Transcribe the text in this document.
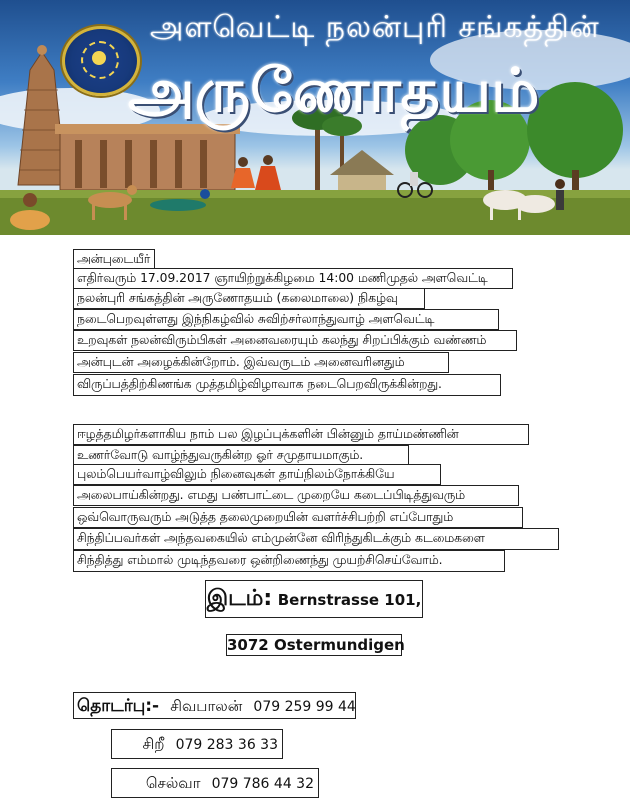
அளவெட்டி நலன்புரி சங்கத்தின்
அருணோதயம்
அன்புடையீர்
எதிர்வரும் 17.09.2017 ஞாயிற்றுக்கிழமை 14:00 மணிமுதல் அளவெட்டி
நலன்புரி சங்கத்தின் அருணோதயம் (கலைமாலை) நிகழ்வு
நடைபெறவுள்ளது இந்நிகழ்வில் சுவிற்சர்லாந்துவாழ் அளவெட்டி
உறவுகள் நலன்விரும்பிகள் அனைவரையும் கலந்து சிறப்பிக்கும் வண்ணம்
அன்புடன் அழைக்கின்றோம். இவ்வருடம் அனைவரினதும்
விருப்பத்திற்கிணங்க முத்தமிழ்விழாவாக நடைபெறவிருக்கின்றது.
ஈழத்தமிழர்களாகிய நாம் பல இழப்புக்களின் பின்னும் தாய்மண்ணின்
உணர்வோடு வாழ்ந்துவருகின்ற ஓர் சமுதாயமாகும்.
புலம்பெயர்வாழ்விலும் நினைவுகள் தாய்நிலம்நோக்கியே
அலைபாய்கின்றது. எமது பண்பாட்டை முறையே கடைப்பிடித்துவரும்
ஒவ்வொருவரும் அடுத்த தலைமுறையின் வளர்ச்சிபற்றி எப்போதும்
சிந்திப்பவர்கள் அந்தவகையில் எம்முன்னே விரிந்துகிடக்கும் கடமைகளை
சிந்தித்து எம்மால் முடிந்தவரை ஒன்றிணைந்து முயற்சிசெய்வோம்.
இடம்: Bernstrasse 101,
3072 Ostermundigen
தொடர்பு:- சிவபாலன் 079 259 99 44
சிறீ 079 283 36 33
செல்வா 079 786 44 32
